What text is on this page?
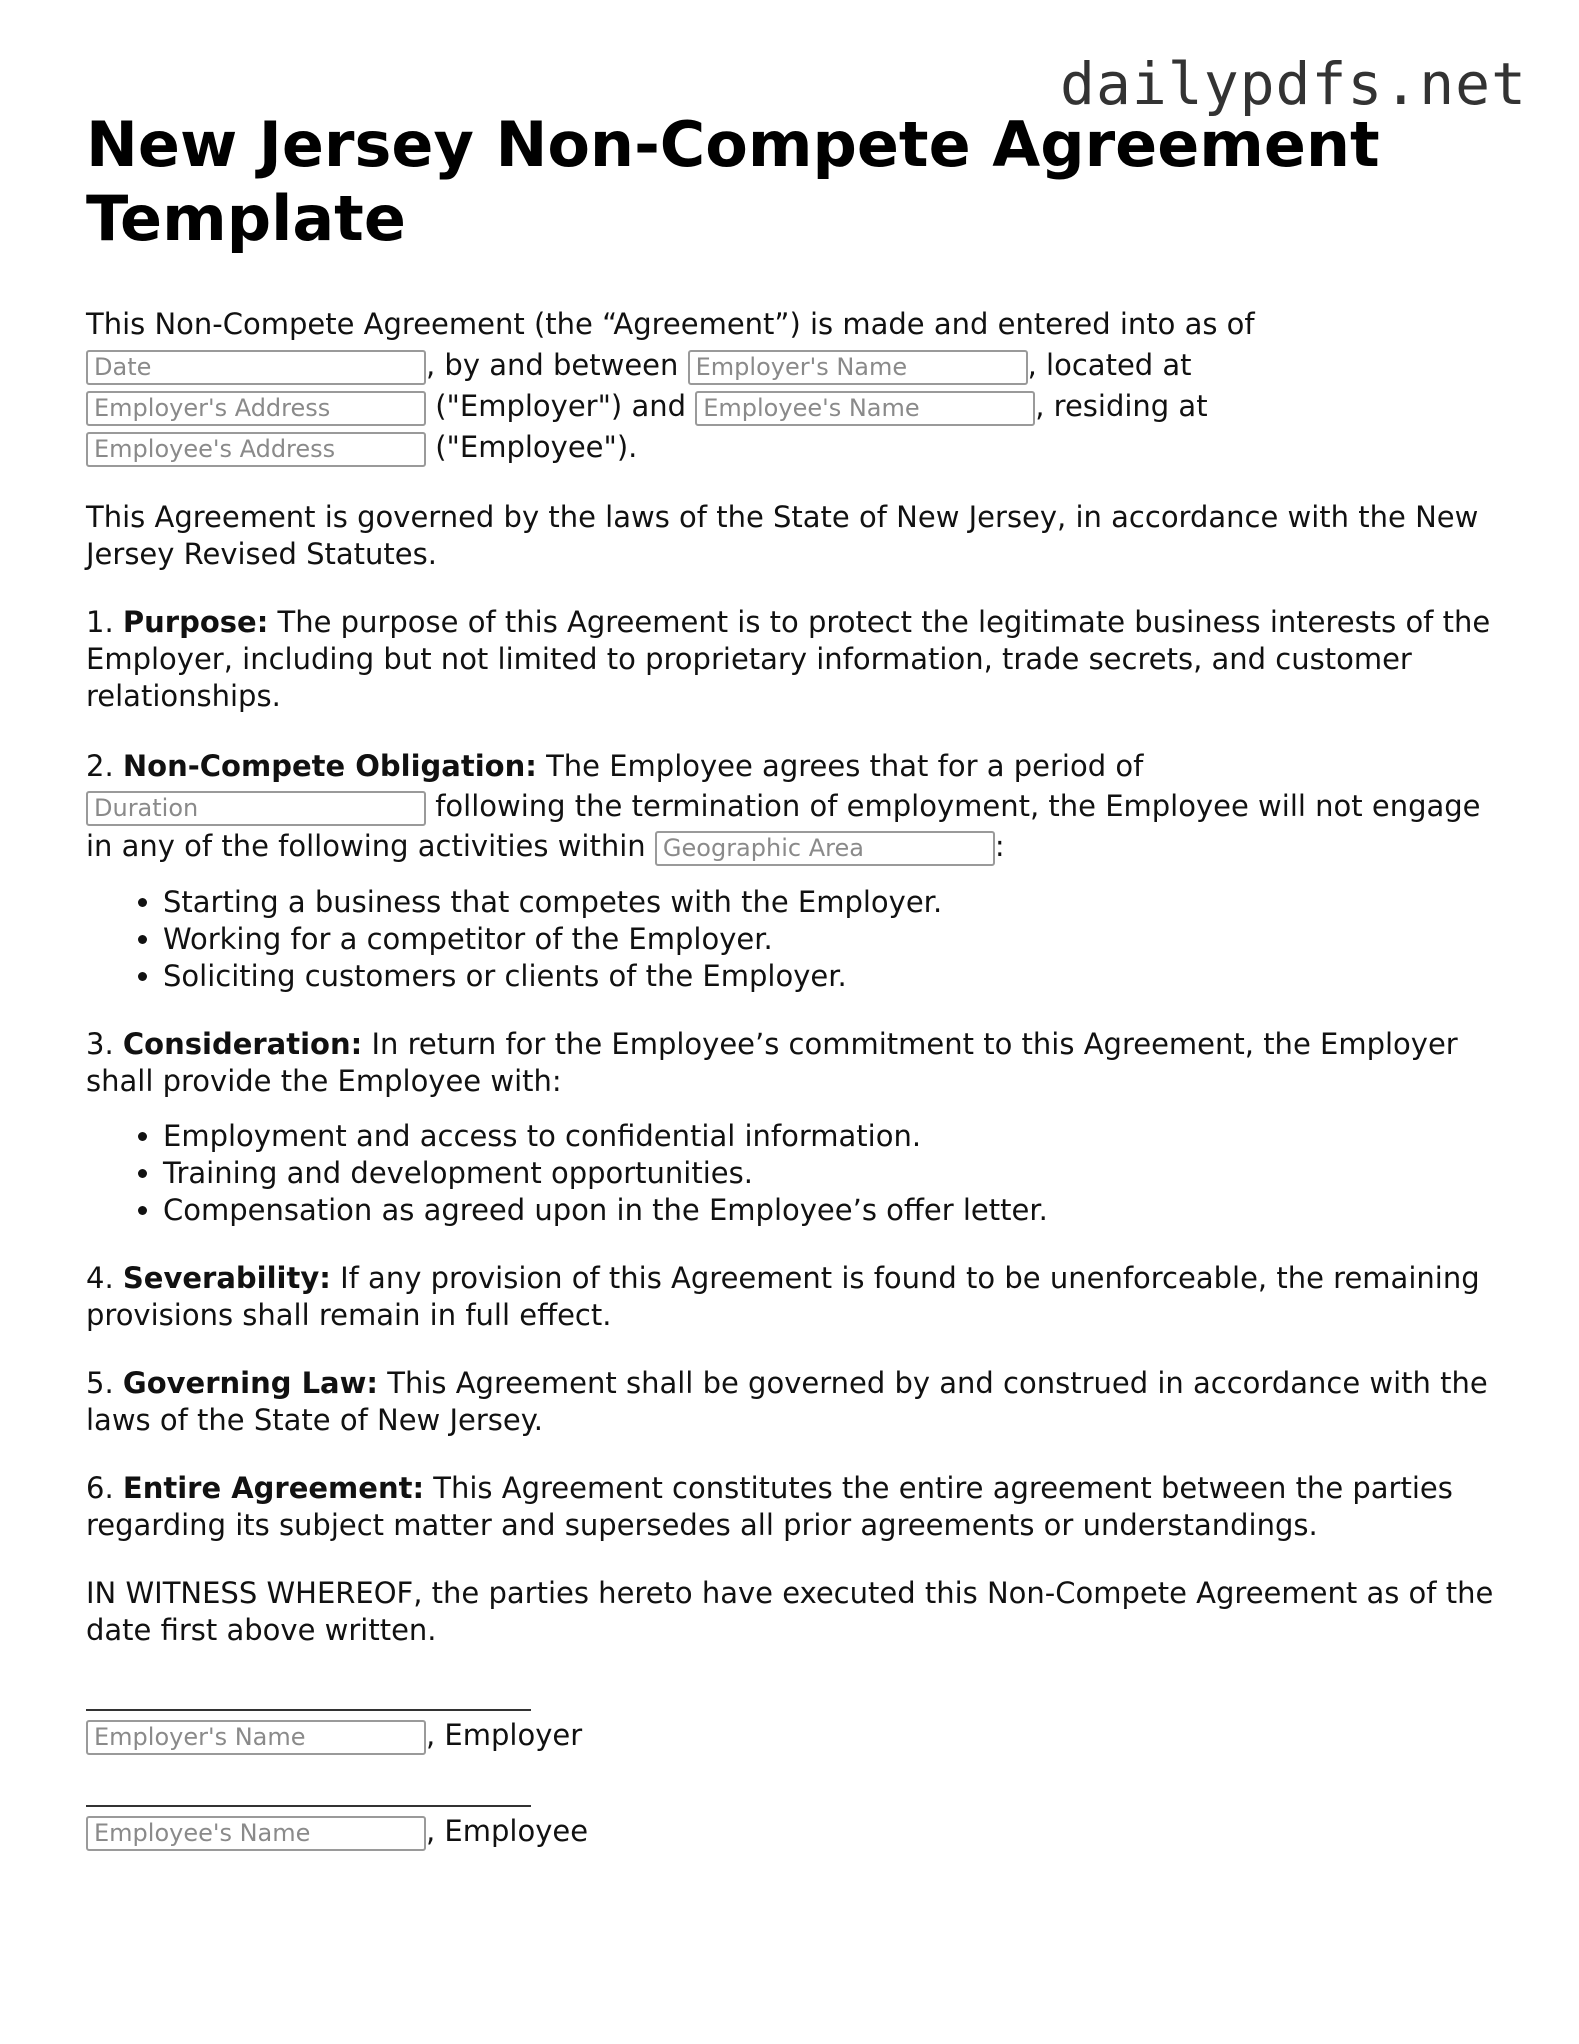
dailypdfs.net
New Jersey Non-Compete Agreement Template

This Non-Compete Agreement (the “Agreement”) is made and entered into as of
Date	, by and between Employer's Name	, located at
Employer's Address	("Employer") and Employee's Name	, residing at
Employee's Address	("Employee").

This Agreement is governed by the laws of the State of New Jersey, in accordance with the New Jersey Revised Statutes.

1. Purpose: The purpose of this Agreement is to protect the legitimate business interests of the Employer, including but not limited to proprietary information, trade secrets, and customer relationships.

2. Non-Compete Obligation: The Employee agrees that for a period of
Duration	following the termination of employment, the Employee will not engage in any of the following activities within Geographic Area	:

• Starting a business that competes with the Employer.
• Working for a competitor of the Employer.
• Soliciting customers or clients of the Employer.

3. Consideration: In return for the Employee’s commitment to this Agreement, the Employer shall provide the Employee with:

• Employment and access to confidential information.
• Training and development opportunities.
• Compensation as agreed upon in the Employee’s offer letter.

4. Severability: If any provision of this Agreement is found to be unenforceable, the remaining provisions shall remain in full effect.

5. Governing Law: This Agreement shall be governed by and construed in accordance with the laws of the State of New Jersey.

6. Entire Agreement: This Agreement constitutes the entire agreement between the parties regarding its subject matter and supersedes all prior agreements or understandings.

IN WITNESS WHEREOF, the parties hereto have executed this Non-Compete Agreement as of the date first above written.

Employer's Name	, Employer
Employee's Name	, Employee
